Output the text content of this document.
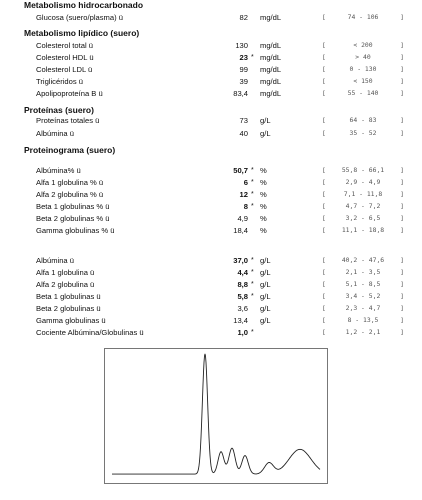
Metabolismo hidrocarbonado
Metabolismo lipídico (suero)
Proteínas (suero)
Proteinograma (suero)
Glucosa (suero/plasma) ü	82 mg/dL	[	74 - 106	]
Colesterol total ü	130 mg/dL	[	< 200	]
Colesterol HDL ü	23 * mg/dL	[	> 40	]
Colesterol LDL ü	99 mg/dL	[	0 - 130	]
Triglicéridos ü	39 mg/dL	[	< 150	]
Apolipoproteína B ü	83,4 mg/dL	[	55 - 140	]
Proteínas totales ü	73 g/L	[	64 - 83	]
Albúmina ü	40 g/L	[	35 - 52	]
Albúmina% ü	50,7 * %	[	55,8 - 66,1	]
Alfa 1 globulina % ü	6 * %	[	2,9 - 4,9	]
Alfa 2 globulina % ü	12 * %	[	7,1 - 11,8	]
Beta 1 globulinas % ü	8 * %	[	4,7 - 7,2	]
Beta 2 globulinas % ü	4,9 %	[	3,2 - 6,5	]
Gamma globulinas % ü	18,4 %	[	11,1 - 18,8	]
Albúmina ü	37,0 * g/L	[	40,2 - 47,6	]
Alfa 1 globulina ü	4,4 * g/L	[	2,1 - 3,5	]
Alfa 2 globulina ü	8,8 * g/L	[	5,1 - 8,5	]
Beta 1 globulinas ü	5,8 * g/L	[	3,4 - 5,2	]
Beta 2 globulinas ü	3,6 g/L	[	2,3 - 4,7	]
Gamma globulinas ü	13,4 g/L	[	8 - 13,5	]
Cociente Albúmina/Globulinas ü	1,0 *	[	1,2 - 2,1	]
